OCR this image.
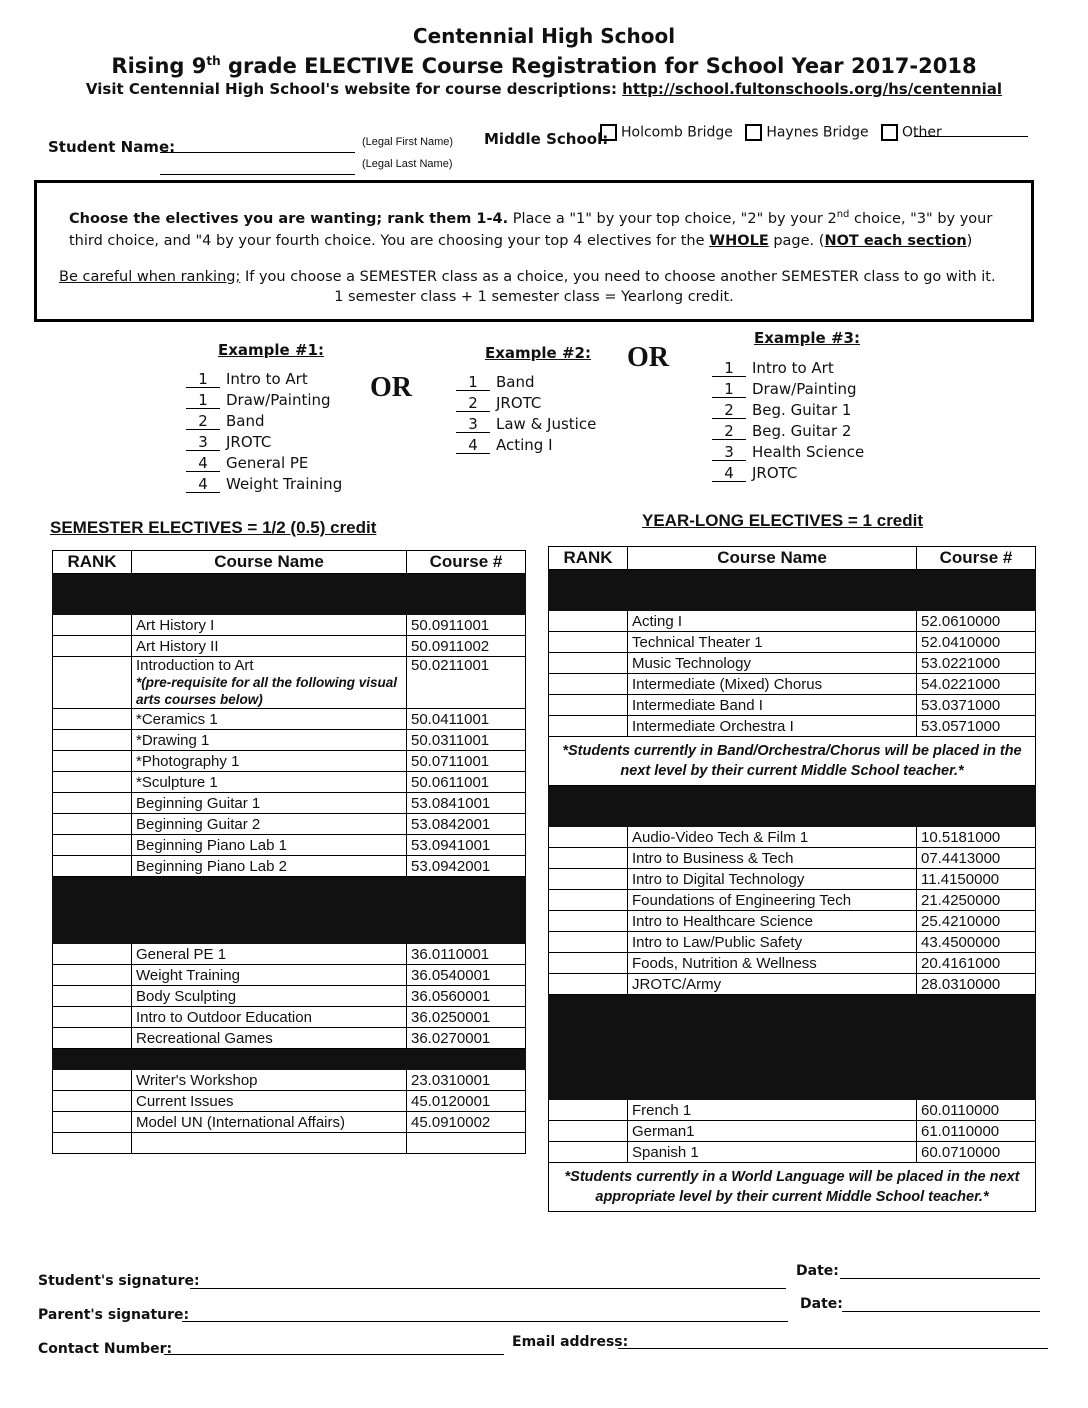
Centennial High School
Rising 9th grade ELECTIVE Course Registration for School Year 2017-2018
Visit Centennial High School's website for course descriptions: http://school.fultonschools.org/hs/centennial
Student Name:	(Legal First Name)
(Legal Last Name)
Middle School: Holcomb Bridge Haynes Bridge Other

Choose the electives you are wanting; rank them 1-4. Place a "1" by your top choice, "2" by your 2nd choice, "3" by your

third choice, and "4 by your fourth choice. You are choosing your top 4 electives for the WHOLE page. (NOT each section)

Be careful when ranking; If you choose a SEMESTER class as a choice, you need to choose another SEMESTER class to go with it.

1 semester class + 1 semester class = Yearlong credit.

Example #1:
1 Intro to Art
1 Draw/Painting
2 Band
3 JROTC
4 General PE
4 Weight Training
OR
Example #2:
1 Band
2 JROTC
3 Law & Justice
4 Acting I
OR
Example #3:
1 Intro to Art
1 Draw/Painting
2 Beg. Guitar 1
2 Beg. Guitar 2
3 Health Science
4 JROTC
SEMESTER ELECTIVES = 1/2 (0.5) credit	YEAR-LONG ELECTIVES = 1 credit
RANK	Course Name	Course #

	Art History I	50.0911001
	Art History II	50.0911002
	Introduction to Art
*(pre-requisite for all the following visual arts courses below)	50.0211001
	*Ceramics 1	50.0411001
	*Drawing 1	50.0311001
	*Photography 1	50.0711001
	*Sculpture 1	50.0611001
	Beginning Guitar 1	53.0841001
	Beginning Guitar 2	53.0842001
	Beginning Piano Lab 1	53.0941001
	Beginning Piano Lab 2	53.0942001

	General PE 1	36.0110001
	Weight Training	36.0540001
	Body Sculpting	36.0560001
	Intro to Outdoor Education	36.0250001
	Recreational Games	36.0270001

	Writer's Workshop	23.0310001
	Current Issues	45.0120001
	Model UN (International Affairs)	45.0910002

RANK	Course Name	Course #

	Acting I	52.0610000
	Technical Theater 1	52.0410000
	Music Technology	53.0221000
	Intermediate (Mixed) Chorus	54.0221000
	Intermediate Band I	53.0371000
	Intermediate Orchestra I	53.0571000
*Students currently in Band/Orchestra/Chorus will be placed in the next level by their current Middle School teacher.*		

	Audio-Video Tech & Film 1	10.5181000
	Intro to Business & Tech	07.4413000
	Intro to Digital Technology	11.4150000
	Foundations of Engineering Tech	21.4250000
	Intro to Healthcare Science	25.4210000
	Intro to Law/Public Safety	43.4500000
	Foods, Nutrition & Wellness	20.4161000
	JROTC/Army	28.0310000

	French 1	60.0110000
	German1	61.0110000
	Spanish 1	60.0710000
*Students currently in a World Language will be placed in the next appropriate level by their current Middle School teacher.*		
Student's signature:
Date:
Parent's signature:
Date:
Contact Number:	Email address:
